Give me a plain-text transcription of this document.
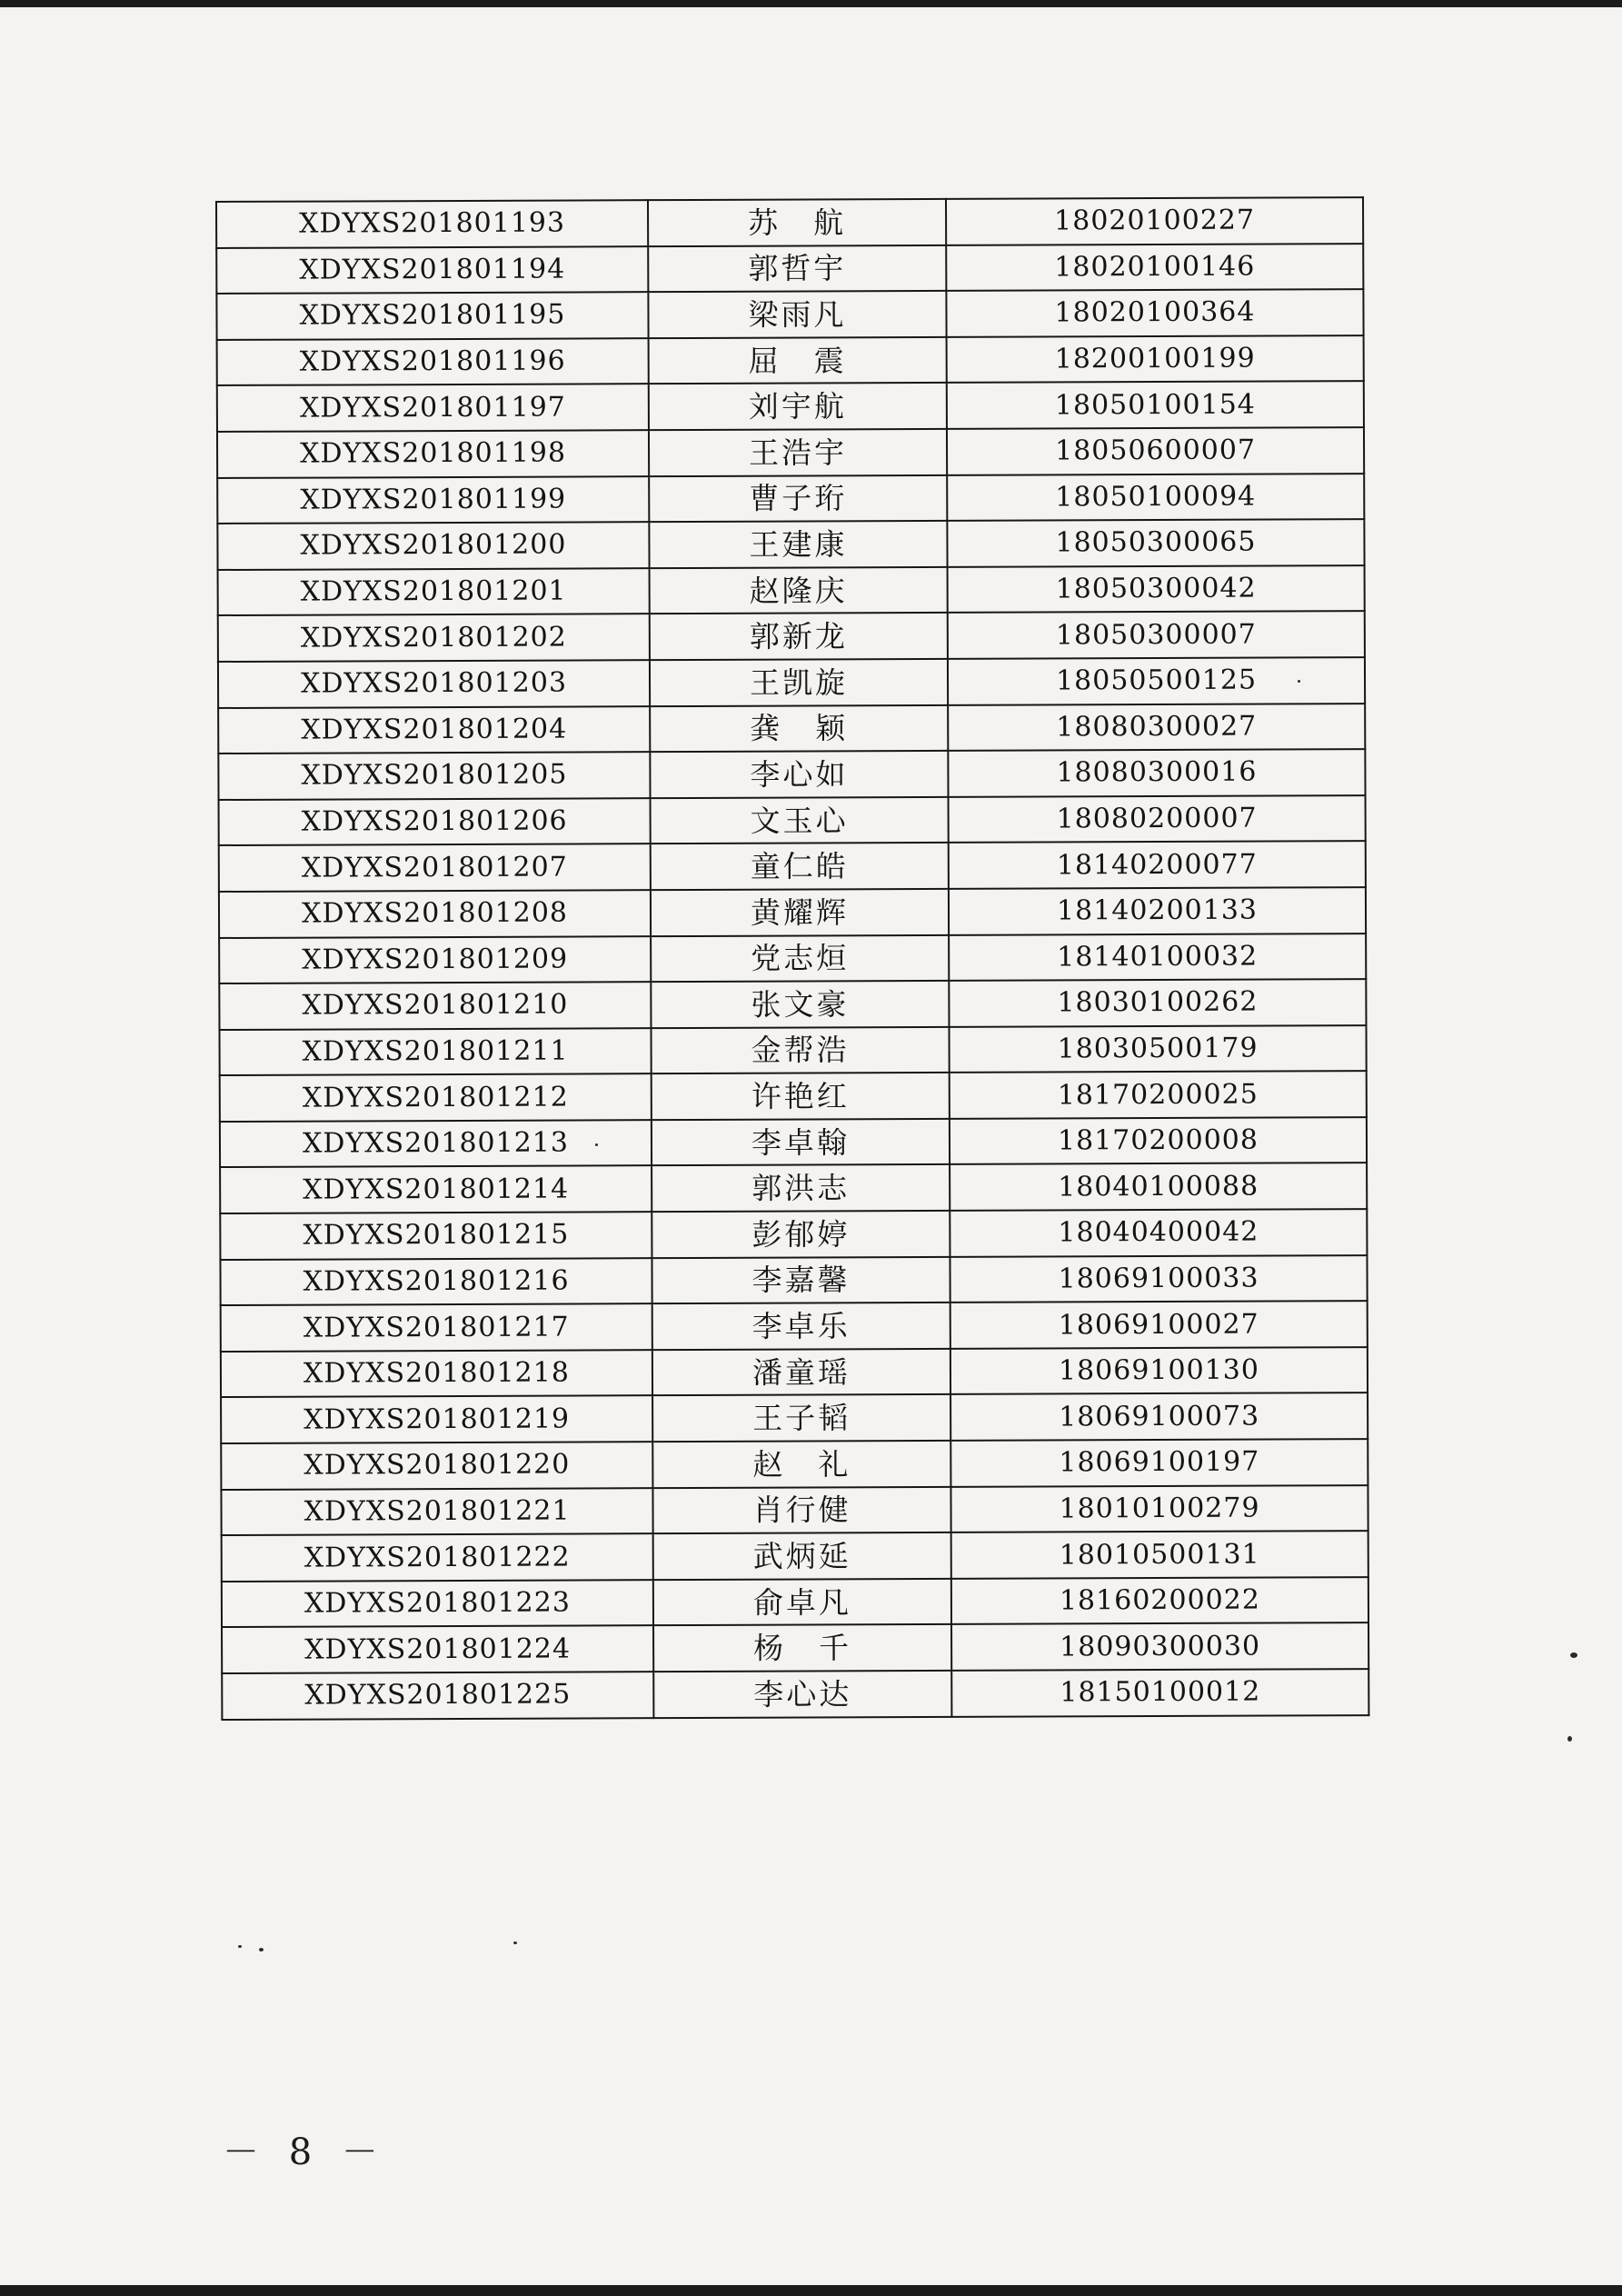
XDYXS201801193	苏　航	18020100227
XDYXS201801194	郭哲宇	18020100146
XDYXS201801195	梁雨凡	18020100364
XDYXS201801196	屈　震	18200100199
XDYXS201801197	刘宇航	18050100154
XDYXS201801198	王浩宇	18050600007
XDYXS201801199	曹子珩	18050100094
XDYXS201801200	王建康	18050300065
XDYXS201801201	赵隆庆	18050300042
XDYXS201801202	郭新龙	18050300007
XDYXS201801203	王凯旋	18050500125
XDYXS201801204	龚　颖	18080300027
XDYXS201801205	李心如	18080300016
XDYXS201801206	文玉心	18080200007
XDYXS201801207	童仁皓	18140200077
XDYXS201801208	黄耀辉	18140200133
XDYXS201801209	党志烜	18140100032
XDYXS201801210	张文豪	18030100262
XDYXS201801211	金帮浩	18030500179
XDYXS201801212	许艳红	18170200025
XDYXS201801213	李卓翰	18170200008
XDYXS201801214	郭洪志	18040100088
XDYXS201801215	彭郁婷	18040400042
XDYXS201801216	李嘉馨	18069100033
XDYXS201801217	李卓乐	18069100027
XDYXS201801218	潘童瑶	18069100130
XDYXS201801219	王子韬	18069100073
XDYXS201801220	赵　礼	18069100197
XDYXS201801221	肖行健	18010100279
XDYXS201801222	武炳延	18010500131
XDYXS201801223	俞卓凡	18160200022
XDYXS201801224	杨　千	18090300030
XDYXS201801225	李心达	18150100012
－ 8 －
